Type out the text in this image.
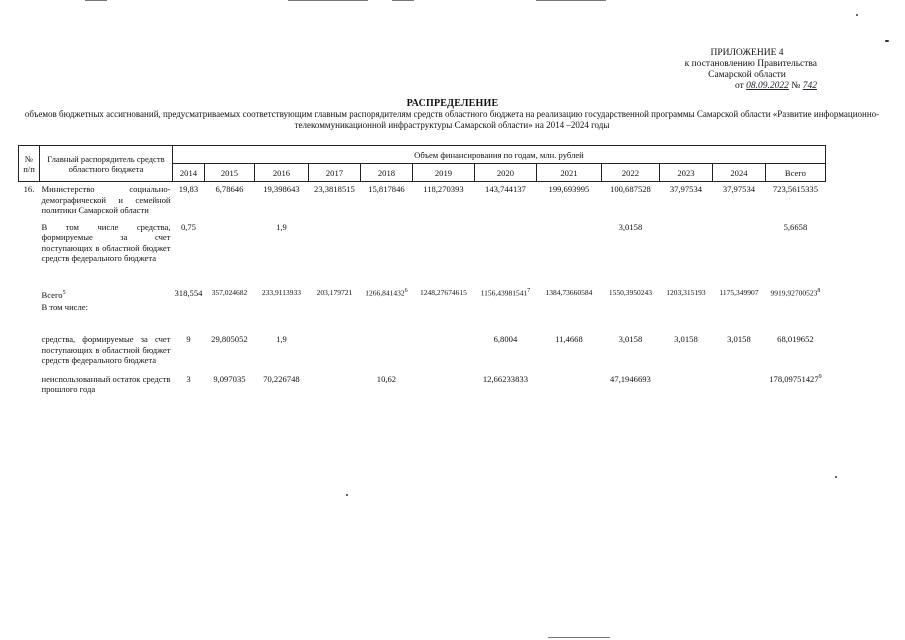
ПРИЛОЖЕНИЕ 4
к постановлению Правительства
Самарской области
от 08.09.2022 № 742
РАСПРЕДЕЛЕНИЕ
объемов бюджетных ассигнований, предусматриваемых соответствующим главным распорядителям средств областного бюджета на реализацию государственной программы Самарской области «Развитие информационно-телекоммуникационной инфраструктуры Самарской области» на 2014 –2024 годы
№ п/п	Главный распорядитель средств областного бюджета	Объем финансирования по годам, млн. рублей											
		2014	2015	2016	2017	2018	2019	2020	2021	2022	2023	2024	Всего
16.	Министерство социально-демографической и семейной политики Самарской области	19,83	6,78646	19,398643	23,3818515	15,817846	118,270393	143,744137	199,693995	100,687528	37,97534	37,97534	723,5615335
	В том числе средства, формируемые за счет поступающих в областной бюджет средств федерального бюджета	0,75		1,9						3,0158			5,6658
	Всего$^5$	318,554	357,024682	233,9113933	203,179721	1266,841432$^6$	1248,27674615	1156,43981541$^7$	1384,73660584	1550,3950243	1203,315193	1175,349907	9919,92700523$^8$
	В том числе:												
	средства, формируемые за счет поступающих в областной бюджет средств федерального бюджета	9	29,805052	1,9				6,8004	11,4668	3,0158	3,0158	3,0158	68,019652
	неиспользованный остаток средств прошлого года	3	9,097035	70,226748		10,62		12,66233833		47,1946693			178,09751427$^9$
